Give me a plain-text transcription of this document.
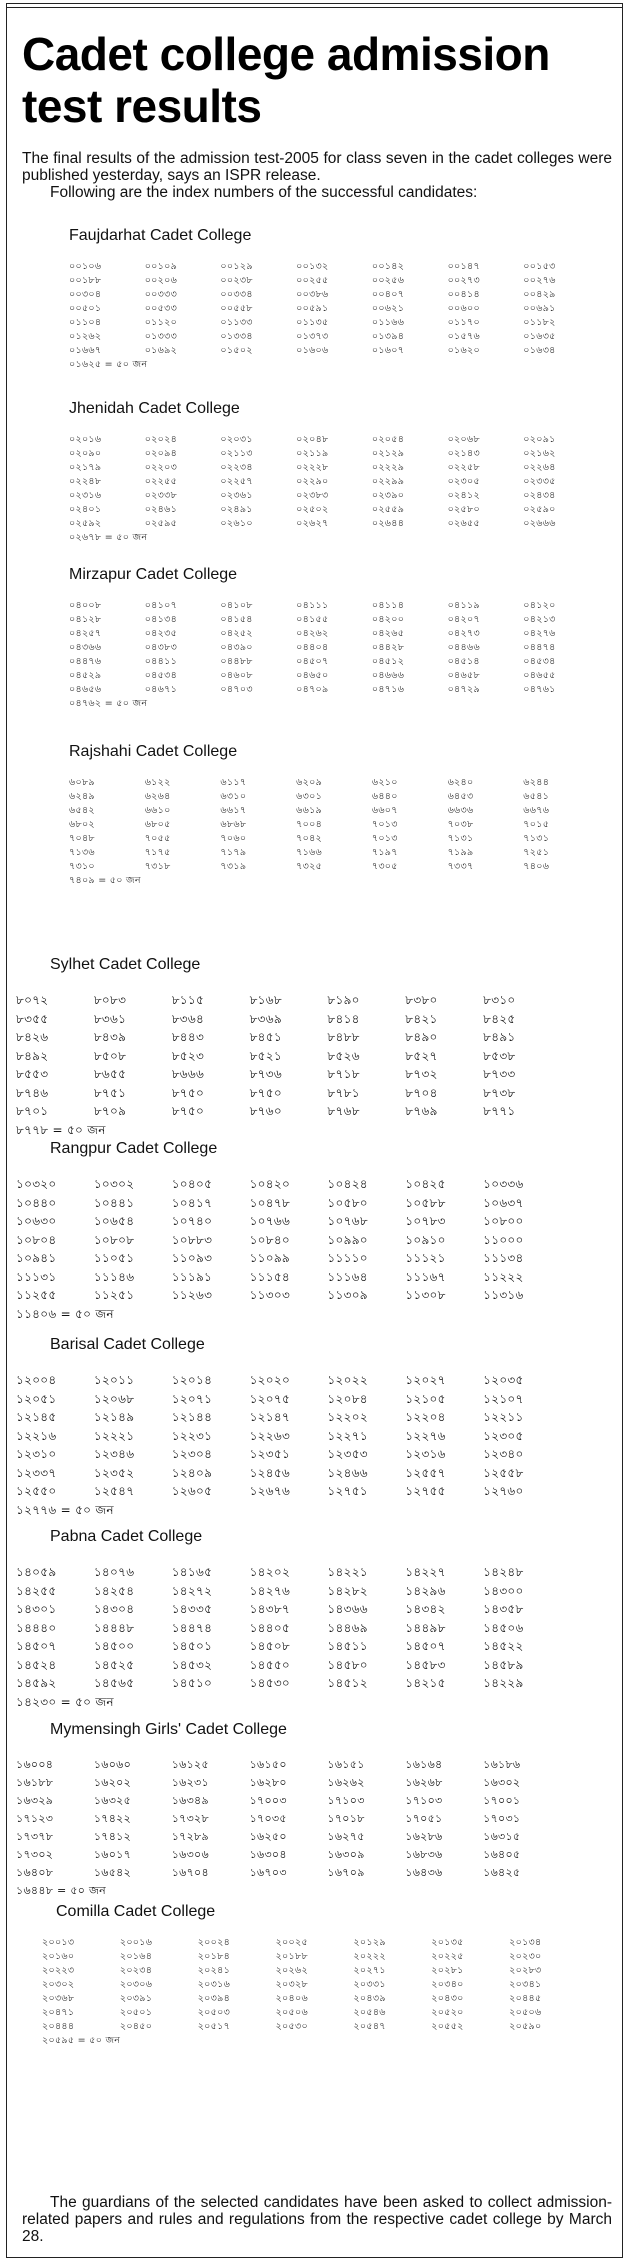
Cadet college admission test results

The final results of the admission test-2005 for class seven in the cadet colleges were published yesterday, says an ISPR release.

Following are the index numbers of the successful candidates:

Faujdarhat Cadet College
০০১০৬	০০১০৯	০০১২৯	০০১৩২	০০১৪২	০০১৪৭	০০১৫৩
০০১৮৮	০০২০৬	০০২৩৮	০০২৫৫	০০২৫৬	০০২৭৩	০০২৭৬
০০৩০৪	০০৩৩৩	০০৩৩৪	০০৩৮৬	০০৪০৭	০০৪১৪	০০৪২৯
০০৫০১	০০৫৩৩	০০৫৫৮	০০৫৯১	০০৬২১	০০৬০০	০০৬৯১
০১১০৪	০১১২০	০১১৩৩	০১১৩৫	০১১৬৬	০১১৭০	০১১৮২
০১২৬২	০১৩৩৩	০১৩৩৪	০১৩৭৩	০১৩৯৪	০১৫৭৬	০১৬৩৫
০১৬৬৭	০১৬৯২	০১৫০২	০১৬০৬	০১৬০৭	০১৬২০	০১৬৩৪
০১৬২৫ = ৫০ জন
Jhenidah Cadet College
০২০১৬	০২০২৪	০২০৩১	০২০৪৮	০২০৫৪	০২০৬৮	০২০৯১
০২০৯০	০২০৯৪	০২১১৩	০২১১৯	০২১২৯	০২১৪৩	০২১৬২
০২১৭৯	০২২০৩	০২২৩৪	০২২২৮	০২২২৯	০২২৫৮	০২২৬৪
০২২৪৮	০২২৫৫	০২২৫৭	০২২৯০	০২২৯৯	০২৩০৫	০২৩৩৫
০২৩১৬	০২৩৩৮	০২৩৬১	০২৩৮৩	০২৩৯০	০২৪১২	০২৪৩৪
০২৪০১	০২৪৬১	০২৪৯১	০২৫০২	০২৫৫৯	০২৫৮০	০২৫৯০
০২৫৯২	০২৫৯৫	০২৬১০	০২৬২৭	০২৬৪৪	০২৬৫৫	০২৬৬৬
০২৬৭৮ = ৫০ জন
Mirzapur Cadet College
০৪০০৮	০৪১০৭	০৪১০৮	০৪১১১	০৪১১৪	০৪১১৯	০৪১২০
০৪১২৮	০৪১৩৪	০৪১৫৪	০৪১৫৫	০৪২০০	০৪২০৭	০৪২১৩
০৪২৫৭	০৪২৩৫	০৪২৫২	০৪২৬২	০৪২৬৫	০৪২৭৩	০৪২৭৬
০৪৩৬৬	০৪৩৮৩	০৪৩৯০	০৪৪০৪	০৪৪২৮	০৪৪৬৬	০৪৪৭৪
০৪৪৭৬	০৪৪১১	০৪৪৮৮	০৪৫০৭	০৪৫১২	০৪৫১৪	০৪৫৩৪
০৪৫২৯	০৪৫৩৪	০৪৬০৮	০৪৬৫০	০৪৬৬৬	০৪৬৫৮	০৪৬৫৫
০৪৬৫৬	০৪৬৭১	০৪৭০৩	০৪৭০৯	০৪৭১৬	০৪৭২৯	০৪৭৬১
০৪৭৬২ = ৫০ জন
Rajshahi Cadet College
৬০৮৯	৬১২২	৬১১৭	৬২০৯	৬২১০	৬২৪০	৬২৪৪
৬২৪৯	৬২৬৪	৬৩১০	৬৩০১	৬৪৪০	৬৪৫৩	৬৫৪১
৬৫৪২	৬৬১০	৬৬১৭	৬৬১৯	৬৬০৭	৬৬৩৬	৬৬৭৬
৬৮০২	৬৮০৫	৬৮৬৮	৭০০৪	৭০১৩	৭০৩৮	৭০১৫
৭০৪৮	৭০৫৫	৭০৬০	৭০৪২	৭০১৩	৭১৩১	৭১৩১
৭১৩৬	৭১৭৫	৭১৭৯	৭১৬৬	৭১৯৭	৭১৯৯	৭২৫১
৭৩১০	৭৩১৮	৭৩১৯	৭৩২৫	৭৩০৫	৭৩৩৭	৭৪০৬
৭৪০৯ = ৫০ জন
Sylhet Cadet College
৮০৭২	৮০৮৩	৮১১৫	৮১৬৮	৮১৯০	৮৩৮০	৮৩১০
৮৩৫৫	৮৩৬১	৮৩৬৪	৮৩৬৯	৮৪১৪	৮৪২১	৮৪২৫
৮৪২৬	৮৪৩৯	৮৪৪৩	৮৪৫১	৮৪৮৮	৮৪৯০	৮৪৯১
৮৪৯২	৮৫০৮	৮৫২৩	৮৫২১	৮৫২৬	৮৫২৭	৮৫৩৮
৮৫৫৩	৮৬৫৫	৮৬৬৬	৮৭৩৬	৮৭১৮	৮৭৩২	৮৭৩৩
৮৭৪৬	৮৭৫১	৮৭৫০	৮৭৫০	৮৭৮১	৮৭০৪	৮৭৩৮
৮৭০১	৮৭০৯	৮৭৫০	৮৭৬০	৮৭৬৮	৮৭৬৯	৮৭৭১
৮৭৭৮ = ৫০ জন
Rangpur Cadet College
১০৩২০	১০৩০২	১০৪০৫	১০৪২০	১০৪২৪	১০৪২৫	১০৩৩৬
১০৪৪০	১০৪৪১	১০৪১৭	১০৪৭৮	১০৫৮০	১০৫৮৮	১০৬৩৭
১০৬৩০	১০৬৫৪	১০৭৪০	১০৭৬৬	১০৭৬৮	১০৭৮৩	১০৮০০
১০৮০৪	১০৮০৮	১০৮৮৩	১০৮৪০	১০৯৯০	১০৯১০	১১০০০
১০৯৪১	১১০৫১	১১০৯৩	১১০৯৯	১১১১০	১১১২১	১১১৩৪
১১১৩১	১১১৪৬	১১১৯১	১১১৫৪	১১১৬৪	১১১৬৭	১১২২২
১১২৫৫	১১২৫১	১১২৬৩	১১৩০৩	১১৩০৯	১১৩০৮	১১৩১৬
১১৪০৬ = ৫০ জন
Barisal Cadet College
১২০০৪	১২০১১	১২০১৪	১২০২০	১২০২২	১২০২৭	১২০৩৫
১২০৫১	১২০৬৮	১২০৭১	১২০৭৫	১২০৮৪	১২১০৫	১২১০৭
১২১৪৫	১২১৪৯	১২১৪৪	১২১৪৭	১২২০২	১২২০৪	১২২১১
১২২১৬	১২২২১	১২২৩১	১২২৬৩	১২২৭১	১২২৭৬	১২৩০৫
১২৩১০	১২৩৪৬	১২৩০৪	১২৩৫১	১২৩৫৩	১২৩১৬	১২৩৪০
১২৩৩৭	১২৩৫২	১২৪০৯	১২৪৫৬	১২৪৬৬	১২৫৫৭	১২৫৫৮
১২৫৫০	১২৫৪৭	১২৬০৫	১২৬৭৬	১২৭৫১	১২৭৫৫	১২৭৬০
১২৭৭৬ = ৫০ জন
Pabna Cadet College
১৪০৫৯	১৪০৭৬	১৪১৬৫	১৪২০২	১৪২২১	১৪২২৭	১৪২৪৮
১৪২৫৫	১৪২৫৪	১৪২৭২	১৪২৭৬	১৪২৮২	১৪২৯৬	১৪৩০০
১৪৩০১	১৪৩০৪	১৪৩৩৫	১৪৩৮৭	১৪৩৬৬	১৪৩৪২	১৪৩৫৮
১৪৪৪০	১৪৪৪৮	১৪৪৭৪	১৪৪০৫	১৪৪৬৯	১৪৪৯৮	১৪৫০৬
১৪৫০৭	১৪৫০০	১৪৫০১	১৪৫০৮	১৪৫১১	১৪৫০৭	১৪৫২২
১৪৫২৪	১৪৫২৫	১৪৫৩২	১৪৫৫০	১৪৫৮০	১৪৫৮৩	১৪৫৮৯
১৪৫৯২	১৪৫৬৫	১৪৫১০	১৪৫৩০	১৪৫১২	১৪২১৫	১৪২২৯
১৪২৩০ = ৫০ জন
Mymensingh Girls' Cadet College
১৬০০৪	১৬০৬০	১৬১২৫	১৬১৫০	১৬১৫১	১৬১৬৪	১৬১৮৬
১৬১৮৮	১৬২০২	১৬২৩১	১৬২৮০	১৬২৬২	১৬২৬৮	১৬৩০২
১৬৩২৯	১৬৩২৫	১৬৩৪৯	১৭০০৩	১৭১০৩	১৭১০৩	১৭০০১
১৭১২৩	১৭৪২২	১৭৩২৮	১৭০৩৫	১৭০১৮	১৭০৫১	১৭০৩১
১৭৩৭৮	১৭৪১২	১৭২৮৯	১৬২৫০	১৬২৭৫	১৬২৮৬	১৬৩১৫
১৭৩০২	১৬০১৭	১৬৩০৬	১৬৩০৪	১৬৩০৯	১৬৮৩৬	১৬৪০৫
১৬৪০৮	১৬৫৪২	১৬৭০৪	১৬৭০৩	১৬৭০৯	১৬৪৩৬	১৬৪২৫
১৬৪৪৮ = ৫০ জন
Comilla Cadet College
২০০১৩	২০০১৬	২০০২৪	২০০২৫	২০১২৯	২০১৩৫	২০১৩৪
২০১৬০	২০১৬৪	২০১৮৪	২০১৮৮	২০২২২	২০২২৫	২০২৩০
২০২২৩	২০২৩৪	২০২৪১	২০২৬২	২০২৭১	২০২৮১	২০২৮৩
২০৩০২	২০৩০৬	২০৩১৬	২০৩২৮	২০৩৩১	২০৩৪০	২০৩৪১
২০৩৬৮	২০৩৯১	২০৩৯৪	২০৪০৬	২০৪৩৯	২০৪৩০	২০৪৪৫
২০৪৭১	২০৫০১	২০৫০৩	২০৫০৬	২০৫৪৬	২০৫২০	২০৫০৬
২০৪৪৪	২০৪৫০	২০৫১৭	২০৫৩০	২০৫৪৭	২০৫৫২	২০৫৯০
২০৫৯৫ = ৫০ জন

The guardians of the selected candidates have been asked to collect admission-related papers and rules and regulations from the respective cadet college by March 28.
